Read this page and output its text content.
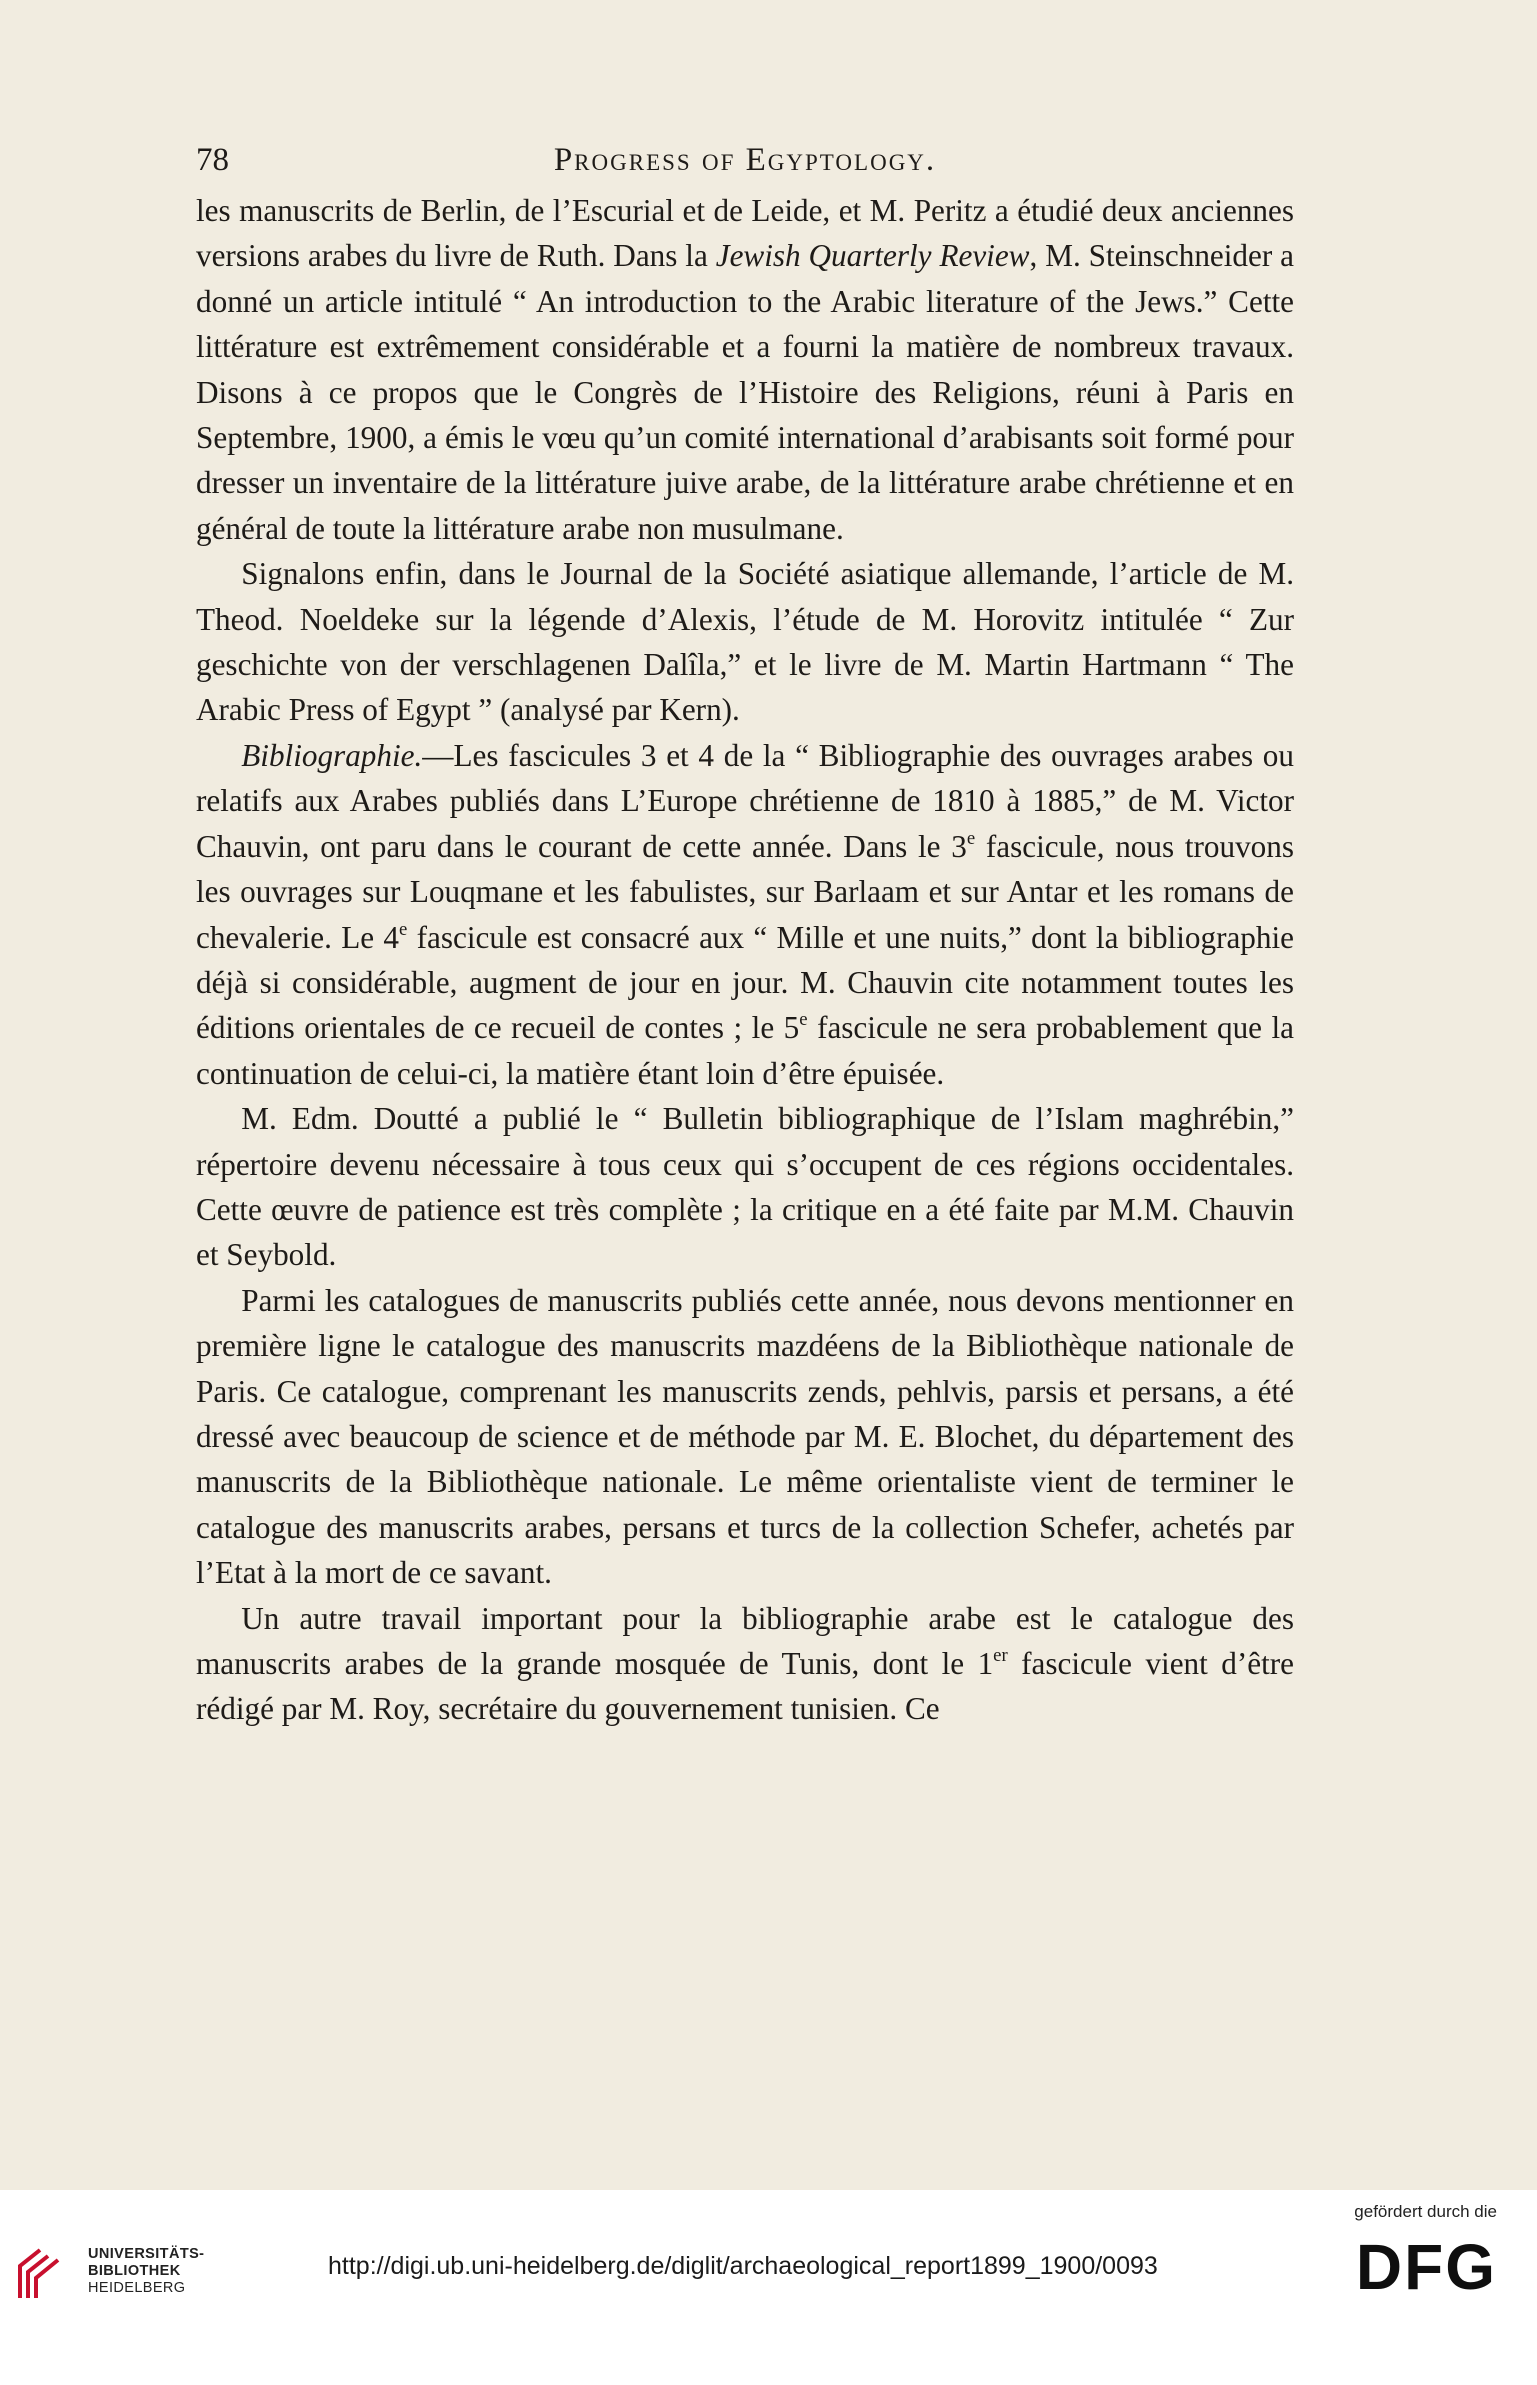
78	Progress of Egyptology.

les manuscrits de Berlin, de l’Escurial et de Leide, et M. Peritz a étudié deux anciennes versions arabes du livre de Ruth. Dans la Jewish Quarterly Review, M. Steinschneider a donné un article intitulé “ An introduction to the Arabic literature of the Jews.” Cette littérature est extrêmement considérable et a fourni la matière de nombreux travaux. Disons à ce propos que le Congrès de l’Histoire des Religions, réuni à Paris en Septembre, 1900, a émis le vœu qu’un comité international d’arabisants soit formé pour dresser un inventaire de la littérature juive arabe, de la littérature arabe chrétienne et en général de toute la littérature arabe non musulmane.

Signalons enfin, dans le Journal de la Société asiatique allemande, l’article de M. Theod. Noeldeke sur la légende d’Alexis, l’étude de M. Horovitz intitulée “ Zur geschichte von der verschlagenen Dalîla,” et le livre de M. Martin Hartmann “ The Arabic Press of Egypt ” (analysé par Kern).

Bibliographie.—Les fascicules 3 et 4 de la “ Bibliographie des ouvrages arabes ou relatifs aux Arabes publiés dans L’Europe chrétienne de 1810 à 1885,” de M. Victor Chauvin, ont paru dans le courant de cette année. Dans le 3e fascicule, nous trouvons les ouvrages sur Louqmane et les fabulistes, sur Barlaam et sur Antar et les romans de chevalerie. Le 4e fascicule est consacré aux “ Mille et une nuits,” dont la bibliographie déjà si considérable, augment de jour en jour. M. Chauvin cite notamment toutes les éditions orientales de ce recueil de contes ; le 5e fascicule ne sera probablement que la continuation de celui-ci, la matière étant loin d’être épuisée.

M. Edm. Doutté a publié le “ Bulletin bibliographique de l’Islam maghrébin,” répertoire devenu nécessaire à tous ceux qui s’occupent de ces régions occidentales. Cette œuvre de patience est très complète ; la critique en a été faite par M.M. Chauvin et Seybold.

Parmi les catalogues de manuscrits publiés cette année, nous devons mentionner en première ligne le catalogue des manuscrits mazdéens de la Bibliothèque nationale de Paris. Ce catalogue, comprenant les manuscrits zends, pehlvis, parsis et persans, a été dressé avec beaucoup de science et de méthode par M. E. Blochet, du département des manuscrits de la Bibliothèque nationale. Le même orientaliste vient de terminer le catalogue des manuscrits arabes, persans et turcs de la collection Schefer, achetés par l’Etat à la mort de ce savant.

Un autre travail important pour la bibliographie arabe est le catalogue des manuscrits arabes de la grande mosquée de Tunis, dont le 1er fascicule vient d’être rédigé par M. Roy, secrétaire du gouvernement tunisien. Ce

UNIVERSITÄTS-
BIBLIOTHEK
HEIDELBERG
http://digi.ub.uni-heidelberg.de/diglit/archaeological_report1899_1900/0093
gefördert durch die
DFG
